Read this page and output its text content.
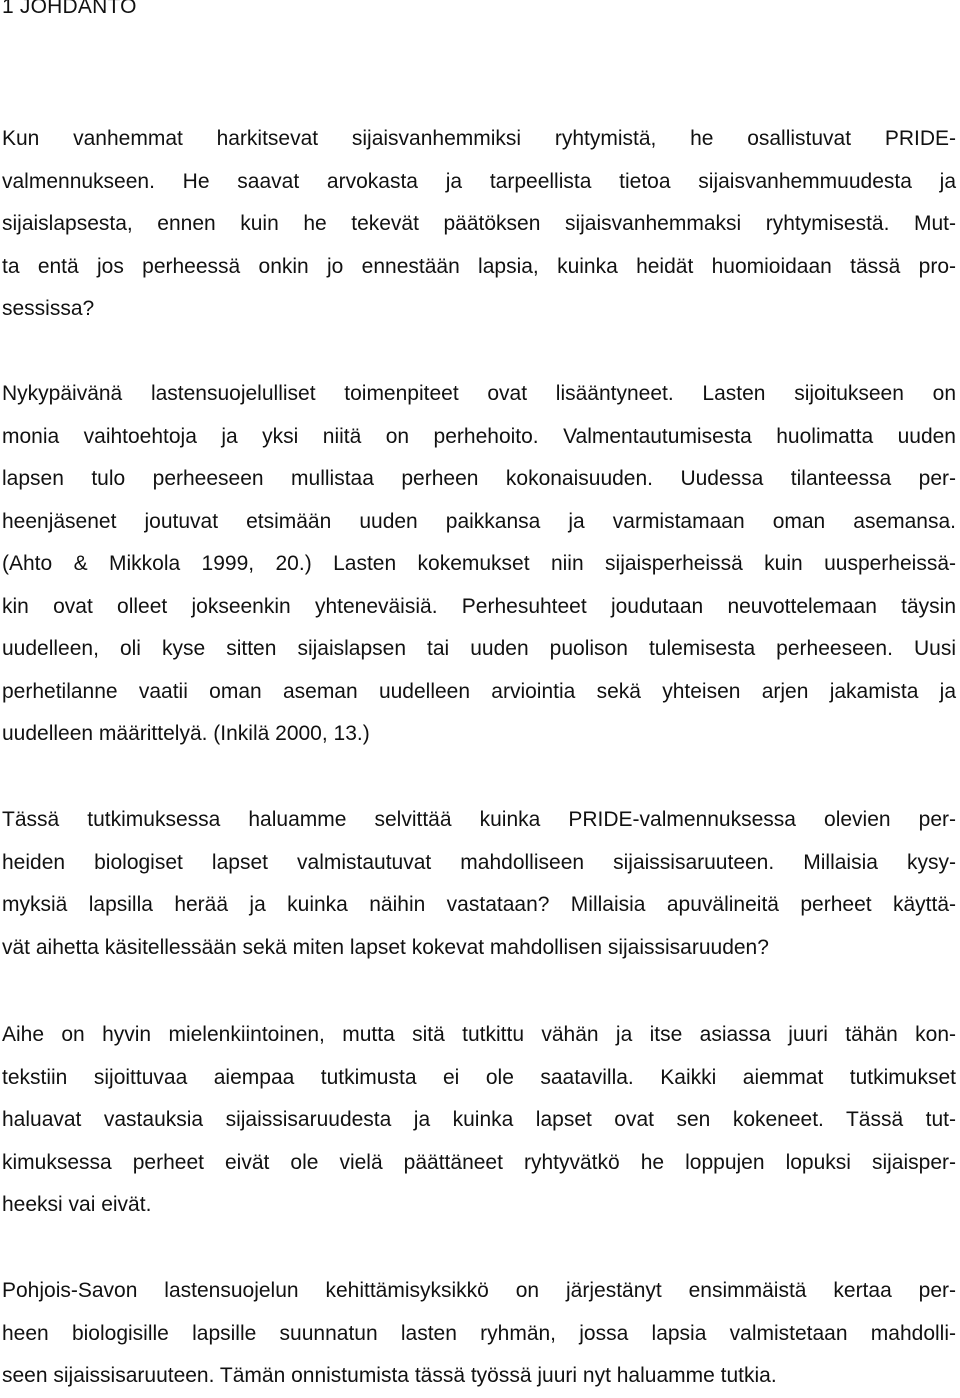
1 JOHDANTO
Kun vanhemmat harkitsevat sijaisvanhemmiksi ryhtymistä, he osallistuvat PRIDE-
valmennukseen. He saavat arvokasta ja tarpeellista tietoa sijaisvanhemmuudesta ja
sijaislapsesta, ennen kuin he tekevät päätöksen sijaisvanhemmaksi ryhtymisestä. Mut-
ta entä jos perheessä onkin jo ennestään lapsia, kuinka heidät huomioidaan tässä pro-
sessissa?
Nykypäivänä lastensuojelulliset toimenpiteet ovat lisääntyneet. Lasten sijoitukseen on
monia vaihtoehtoja ja yksi niitä on perhehoito. Valmentautumisesta huolimatta uuden
lapsen tulo perheeseen mullistaa perheen kokonaisuuden. Uudessa tilanteessa per-
heenjäsenet joutuvat etsimään uuden paikkansa ja varmistamaan oman asemansa.
(Ahto & Mikkola 1999, 20.) Lasten kokemukset niin sijaisperheissä kuin uusperheissä-
kin ovat olleet jokseenkin yhteneväisiä. Perhesuhteet joudutaan neuvottelemaan täysin
uudelleen, oli kyse sitten sijaislapsen tai uuden puolison tulemisesta perheeseen. Uusi
perhetilanne vaatii oman aseman uudelleen arviointia sekä yhteisen arjen jakamista ja
uudelleen määrittelyä. (Inkilä 2000, 13.)
Tässä tutkimuksessa haluamme selvittää kuinka PRIDE-valmennuksessa olevien per-
heiden biologiset lapset valmistautuvat mahdolliseen sijaissisaruuteen. Millaisia kysy-
myksiä lapsilla herää ja kuinka näihin vastataan? Millaisia apuvälineitä perheet käyttä-
vät aihetta käsitellessään sekä miten lapset kokevat mahdollisen sijaissisaruuden?
Aihe on hyvin mielenkiintoinen, mutta sitä tutkittu vähän ja itse asiassa juuri tähän kon-
tekstiin sijoittuvaa aiempaa tutkimusta ei ole saatavilla. Kaikki aiemmat tutkimukset
haluavat vastauksia sijaissisaruudesta ja kuinka lapset ovat sen kokeneet. Tässä tut-
kimuksessa perheet eivät ole vielä päättäneet ryhtyvätkö he loppujen lopuksi sijaisper-
heeksi vai eivät.
Pohjois-Savon lastensuojelun kehittämisyksikkö on järjestänyt ensimmäistä kertaa per-
heen biologisille lapsille suunnatun lasten ryhmän, jossa lapsia valmistetaan mahdolli-
seen sijaissisaruuteen. Tämän onnistumista tässä työssä juuri nyt haluamme tutkia.
